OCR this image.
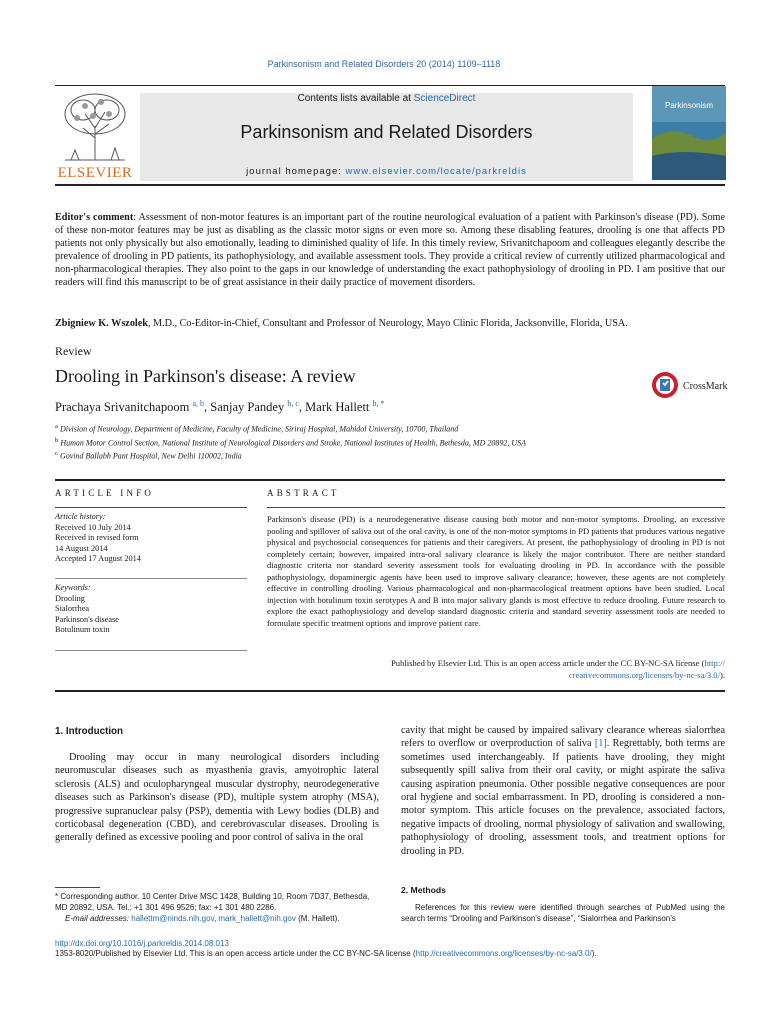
Parkinsonism and Related Disorders 20 (2014) 1109–1118
ELSEVIER
Contents lists available at ScienceDirect
Parkinsonism and Related Disorders
journal homepage: www.elsevier.com/locate/parkreldis
Parkinsonism
Editor's comment: Assessment of non-motor features is an important part of the routine neurological evaluation of a patient with Parkinson's disease (PD). Some of these non-motor features may be just as disabling as the classic motor signs or even more so. Among these disabling features, drooling is one that affects PD patients not only physically but also emotionally, leading to diminished quality of life. In this timely review, Srivanitchapoom and colleagues elegantly describe the prevalence of drooling in PD patients, its pathophysiology, and available assessment tools. They provide a critical review of currently utilized pharmacological and non-pharmacological therapies. They also point to the gaps in our knowledge of understanding the exact pathophysiology of drooling in PD. I am positive that our readers will find this manuscript to be of great assistance in their daily practice of movement disorders.
Zbigniew K. Wszolek, M.D., Co-Editor-in-Chief, Consultant and Professor of Neurology, Mayo Clinic Florida, Jacksonville, Florida, USA.
Review
Drooling in Parkinson's disease: A review
CrossMark
Prachaya Srivanitchapoom $^{a, b}$, Sanjay Pandey $^{b, c}$, Mark Hallett $^{b, *}$
$^a$ Division of Neurology, Department of Medicine, Faculty of Medicine, Siriraj Hospital, Mahidol University, 10700, Thailand
$^b$ Human Motor Control Section, National Institute of Neurological Disorders and Stroke, National Institutes of Health, Bethesda, MD 20892, USA
$^c$ Govind Ballabh Pant Hospital, New Delhi 110002, India
ARTICLE INFO	ABSTRACT
Article history:
Received 10 July 2014
Received in revised form
14 August 2014
Accepted 17 August 2014
Keywords:
Drooling
Sialorrhea
Parkinson's disease
Botulinum toxin
Parkinson's disease (PD) is a neurodegenerative disease causing both motor and non-motor symptoms. Drooling, an excessive pooling and spillover of saliva out of the oral cavity, is one of the non-motor symptoms in PD patients that produces various negative physical and psychosocial consequences for patients and their caregivers. At present, the pathophysiology of drooling in PD is not completely certain; however, impaired intra-oral salivary clearance is likely the major contributor. There are neither standard diagnostic criteria nor standard severity assessment tools for evaluating drooling in PD. In accordance with the possible pathophysiology, dopaminergic agents have been used to improve salivary clearance; however, these agents are not completely effective in controlling drooling. Various pharmacological and non-pharmacological treatment options have been studied. Local injection with botulinum toxin serotypes A and B into major salivary glands is most effective to reduce drooling. Future research to explore the exact pathophysiology and develop standard diagnostic criteria and standard severity assessment tools are needed to formulate specific treatment options and improve patient care.
Published by Elsevier Ltd. This is an open access article under the CC BY-NC-SA license (http://
creativecommons.org/licenses/by-nc-sa/3.0/).
1. Introduction
Drooling may occur in many neurological disorders including neuromuscular diseases such as myasthenia gravis, amyotrophic lateral sclerosis (ALS) and oculopharyngeal muscular dystrophy, neurodegenerative diseases such as Parkinson's disease (PD), multiple system atrophy (MSA), progressive supranuclear palsy (PSP), dementia with Lewy bodies (DLB) and corticobasal degeneration (CBD), and cerebrovascular diseases. Drooling is generally defined as excessive pooling and poor control of saliva in the oral
cavity that might be caused by impaired salivary clearance whereas sialorrhea refers to overflow or overproduction of saliva [1]. Regrettably, both terms are sometimes used interchangeably. If patients have drooling, they might subsequently spill saliva from their oral cavity, or might aspirate the saliva causing aspiration pneumonia. Other possible negative consequences are poor oral hygiene and social embarrassment. In PD, drooling is considered a non-motor symptom. This article focuses on the prevalence, associated factors, negative impacts of drooling, normal physiology of salivation and swallowing, pathophysiology of drooling, assessment tools, and treatment options for drooling in PD.
* Corresponding author. 10 Center Drive MSC 1428, Building 10, Room 7D37, Bethesda, MD 20892, USA. Tel.: +1 301 496 9526; fax: +1 301 480 2286.
E-mail addresses: hallettm@ninds.nih.gov, mark_hallett@nih.gov (M. Hallett).
2. Methods
References for this review were identified through searches of PubMed using the search terms “Drooling and Parkinson's disease”, “Sialorrhea and Parkinson's
http://dx.doi.org/10.1016/j.parkreldis.2014.08.013
1353-8020/Published by Elsevier Ltd. This is an open access article under the CC BY-NC-SA license (http://creativecommons.org/licenses/by-nc-sa/3.0/).
